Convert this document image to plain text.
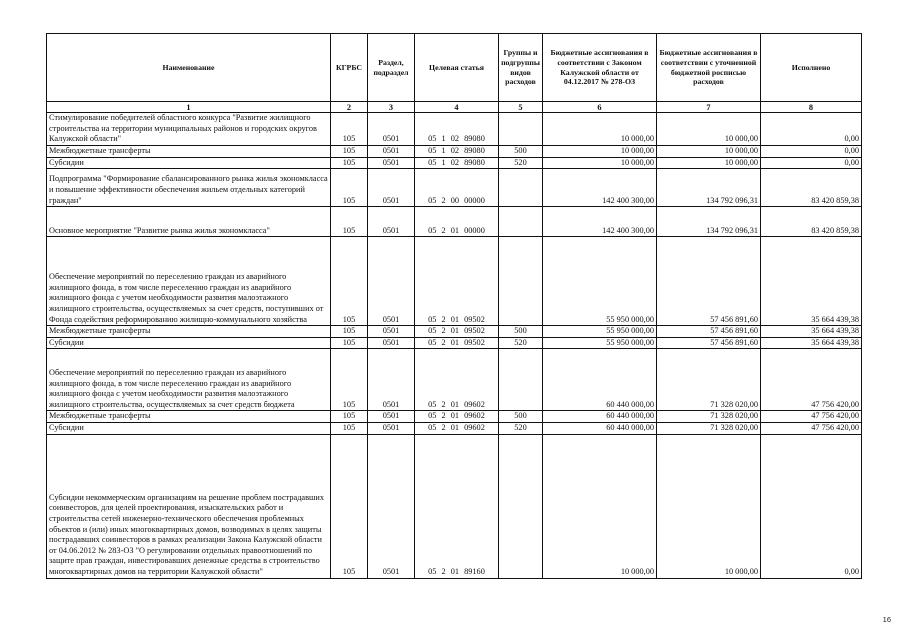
Наименование	КГРБС	Раздел, подраздел	Целевая статья	Группы и подгруппы видов расходов	Бюджетные ассигнования в соответствии с Законом Калужской области от 04.12.2017 № 278-ОЗ	Бюджетные ассигнования в соответствии с уточненной бюджетной росписью расходов	Исполнено
1	2	3	4	5	6	7	8
Стимулирование победителей областного конкурса "Развитие жилищного строительства на территории муниципальных районов и городских округов Калужской области"	105	0501	05 1 02 89080		10 000,00	10 000,00	0,00
Межбюджетные трансферты	105	0501	05 1 02 89080	500	10 000,00	10 000,00	0,00
Субсидии	105	0501	05 1 02 89080	520	10 000,00	10 000,00	0,00
Подпрограмма "Формирование сбалансированного рынка жилья экономкласса и повышение эффективности обеспечения жильем отдельных категорий граждан"	105	0501	05 2 00 00000		142 400 300,00	134 792 096,31	83 420 859,38
Основное мероприятие "Развитие рынка жилья экономкласса"	105	0501	05 2 01 00000		142 400 300,00	134 792 096,31	83 420 859,38
Обеспечение мероприятий по переселению граждан из аварийного жилищного фонда, в том числе переселению граждан из аварийного жилищного фонда с учетом необходимости развития малоэтажного жилищного строительства, осуществляемых за счет средств, поступивших от Фонда содействия реформированию жилищно-коммунального хозяйства	105	0501	05 2 01 09502		55 950 000,00	57 456 891,60	35 664 439,38
Межбюджетные трансферты	105	0501	05 2 01 09502	500	55 950 000,00	57 456 891,60	35 664 439,38
Субсидии	105	0501	05 2 01 09502	520	55 950 000,00	57 456 891,60	35 664 439,38
Обеспечение мероприятий по переселению граждан из аварийного жилищного фонда, в том числе переселению граждан из аварийного жилищного фонда с учетом необходимости развития малоэтажного жилищного строительства, осуществляемых за счет средств бюджета	105	0501	05 2 01 09602		60 440 000,00	71 328 020,00	47 756 420,00
Межбюджетные трансферты	105	0501	05 2 01 09602	500	60 440 000,00	71 328 020,00	47 756 420,00
Субсидии	105	0501	05 2 01 09602	520	60 440 000,00	71 328 020,00	47 756 420,00
Субсидии некоммерческим организациям на решение проблем пострадавших соинвесторов, для целей проектирования, изыскательских работ и строительства сетей инженерно-технического обеспечения проблемных объектов и (или) иных многоквартирных домов, возводимых в целях защиты пострадавших соинвесторов в рамках реализации Закона Калужской области от 04.06.2012 № 283-ОЗ "О регулировании отдельных правоотношений по защите прав граждан, инвестировавших денежные средства в строительство многоквартирных домов на территории Калужской области"	105	0501	05 2 01 89160		10 000,00	10 000,00	0,00
16
